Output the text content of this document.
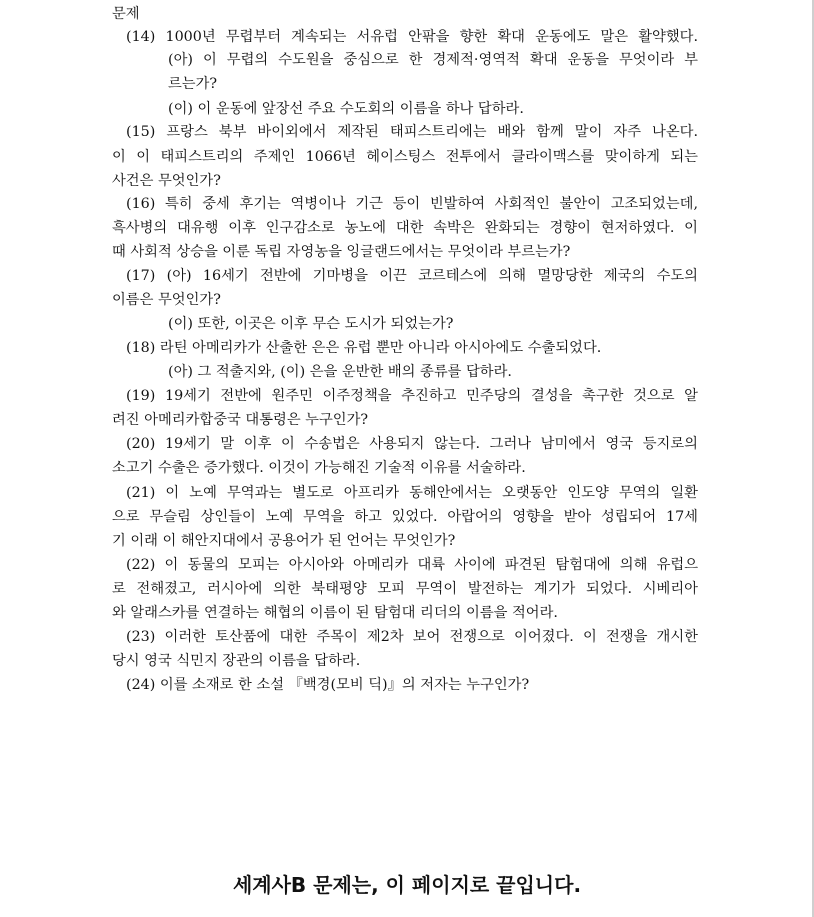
문제
(14) 1000년 무렵부터 계속되는 서유럽 안팎을 향한 확대 운동에도 말은 활약했다.
(아) 이 무렵의 수도원을 중심으로 한 경제적·영역적 확대 운동을 무엇이라 부
르는가?
(이) 이 운동에 앞장선 주요 수도회의 이름을 하나 답하라.
(15) 프랑스 북부 바이외에서 제작된 태피스트리에는 배와 함께 말이 자주 나온다.
이 이 태피스트리의 주제인 1066년 헤이스팅스 전투에서 클라이맥스를 맞이하게 되는
사건은 무엇인가?
(16) 특히 중세 후기는 역병이나 기근 등이 빈발하여 사회적인 불안이 고조되었는데,
흑사병의 대유행 이후 인구감소로 농노에 대한 속박은 완화되는 경향이 현저하였다. 이
때 사회적 상승을 이룬 독립 자영농을 잉글랜드에서는 무엇이라 부르는가?
(17) (아) 16세기 전반에 기마병을 이끈 코르테스에 의해 멸망당한 제국의 수도의
이름은 무엇인가?
(이) 또한, 이곳은 이후 무슨 도시가 되었는가?
(18) 라틴 아메리카가 산출한 은은 유럽 뿐만 아니라 아시아에도 수출되었다.
(아) 그 적출지와, (이) 은을 운반한 배의 종류를 답하라.
(19) 19세기 전반에 원주민 이주정책을 추진하고 민주당의 결성을 촉구한 것으로 알
려진 아메리카합중국 대통령은 누구인가?
(20) 19세기 말 이후 이 수송법은 사용되지 않는다. 그러나 남미에서 영국 등지로의
소고기 수출은 증가했다. 이것이 가능해진 기술적 이유를 서술하라.
(21) 이 노예 무역과는 별도로 아프리카 동해안에서는 오랫동안 인도양 무역의 일환
으로 무슬림 상인들이 노예 무역을 하고 있었다. 아랍어의 영향을 받아 성립되어 17세
기 이래 이 해안지대에서 공용어가 된 언어는 무엇인가?
(22) 이 동물의 모피는 아시아와 아메리카 대륙 사이에 파견된 탐험대에 의해 유럽으
로 전해졌고, 러시아에 의한 북태평양 모피 무역이 발전하는 계기가 되었다. 시베리아
와 알래스카를 연결하는 해협의 이름이 된 탐험대 리더의 이름을 적어라.
(23) 이러한 토산품에 대한 주목이 제2차 보어 전쟁으로 이어졌다. 이 전쟁을 개시한
당시 영국 식민지 장관의 이름을 답하라.
(24) 이를 소재로 한 소설 『백경(모비 딕)』의 저자는 누구인가?
세계사B 문제는, 이 페이지로 끝입니다.
